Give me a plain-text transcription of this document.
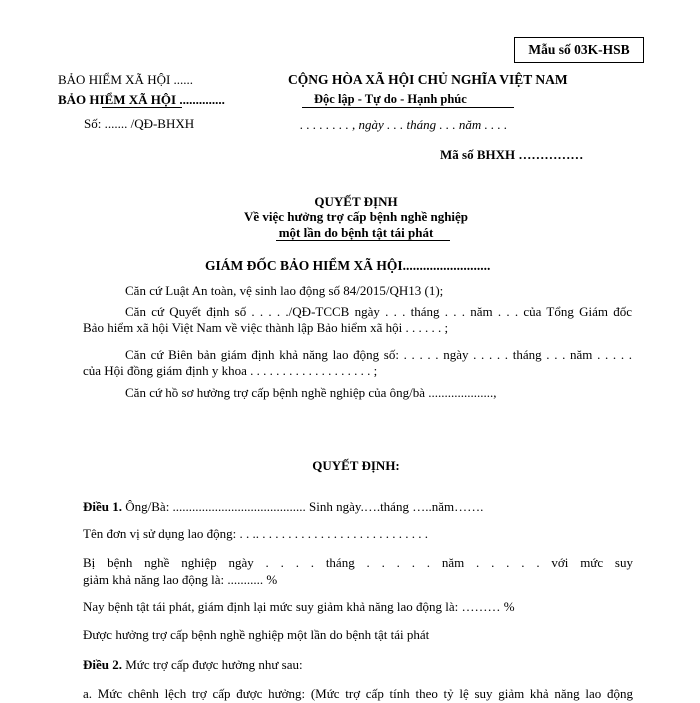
Mẫu số 03K-HSB
BẢO HIỂM XÃ HỘI ......
BẢO HIỂM XÃ HỘI ..............
Số: ....... /QĐ-BHXH
CỘNG HÒA XÃ HỘI CHỦ NGHĨA VIỆT NAM
Độc lập - Tự do - Hạnh phúc
. . . . . . . . , ngày . . . tháng . . . năm . . . .
Mã số BHXH ……………
QUYẾT ĐỊNH
Về việc hưởng trợ cấp bệnh nghề nghiệp
một lần do bệnh tật tái phát
GIÁM ĐỐC BẢO HIỂM XÃ HỘI..........................
Căn cứ Luật An toàn, vệ sinh lao động số 84/2015/QH13 (1);
Căn cứ Quyết định số . . . . ./QĐ-TCCB ngày . . . tháng . . . năm . . . của Tổng Giám đốc
Bảo hiểm xã hội Việt Nam về việc thành lập Bảo hiểm xã hội . . . . . . ;
Căn cứ Biên bản giám định khả năng lao động số: . . . . . ngày . . . . . tháng . . . năm . . . . .
của Hội đồng giám định y khoa . . . . . . . . . . . . . . . . . . . ;
Căn cứ hồ sơ hưởng trợ cấp bệnh nghề nghiệp của ông/bà ....................,
QUYẾT ĐỊNH:
Điều 1. Ông/Bà: ......................................... Sinh ngày.….tháng …..năm…….
Tên đơn vị sử dụng lao động: . . .. . . . . . . . . . . . . . . . . . . . . . . . . . .
Bị bệnh nghề nghiệp ngày . . . . tháng . . . . . năm . . . . . với mức suy
giảm khả năng lao động là: ........... %
Nay bệnh tật tái phát, giám định lại mức suy giảm khả năng lao động là: ……… %
Được hưởng trợ cấp bệnh nghề nghiệp một lần do bệnh tật tái phát
Điều 2. Mức trợ cấp được hưởng như sau:
a. Mức chênh lệch trợ cấp được hưởng: (Mức trợ cấp tính theo tỷ lệ suy giảm khả năng lao động
